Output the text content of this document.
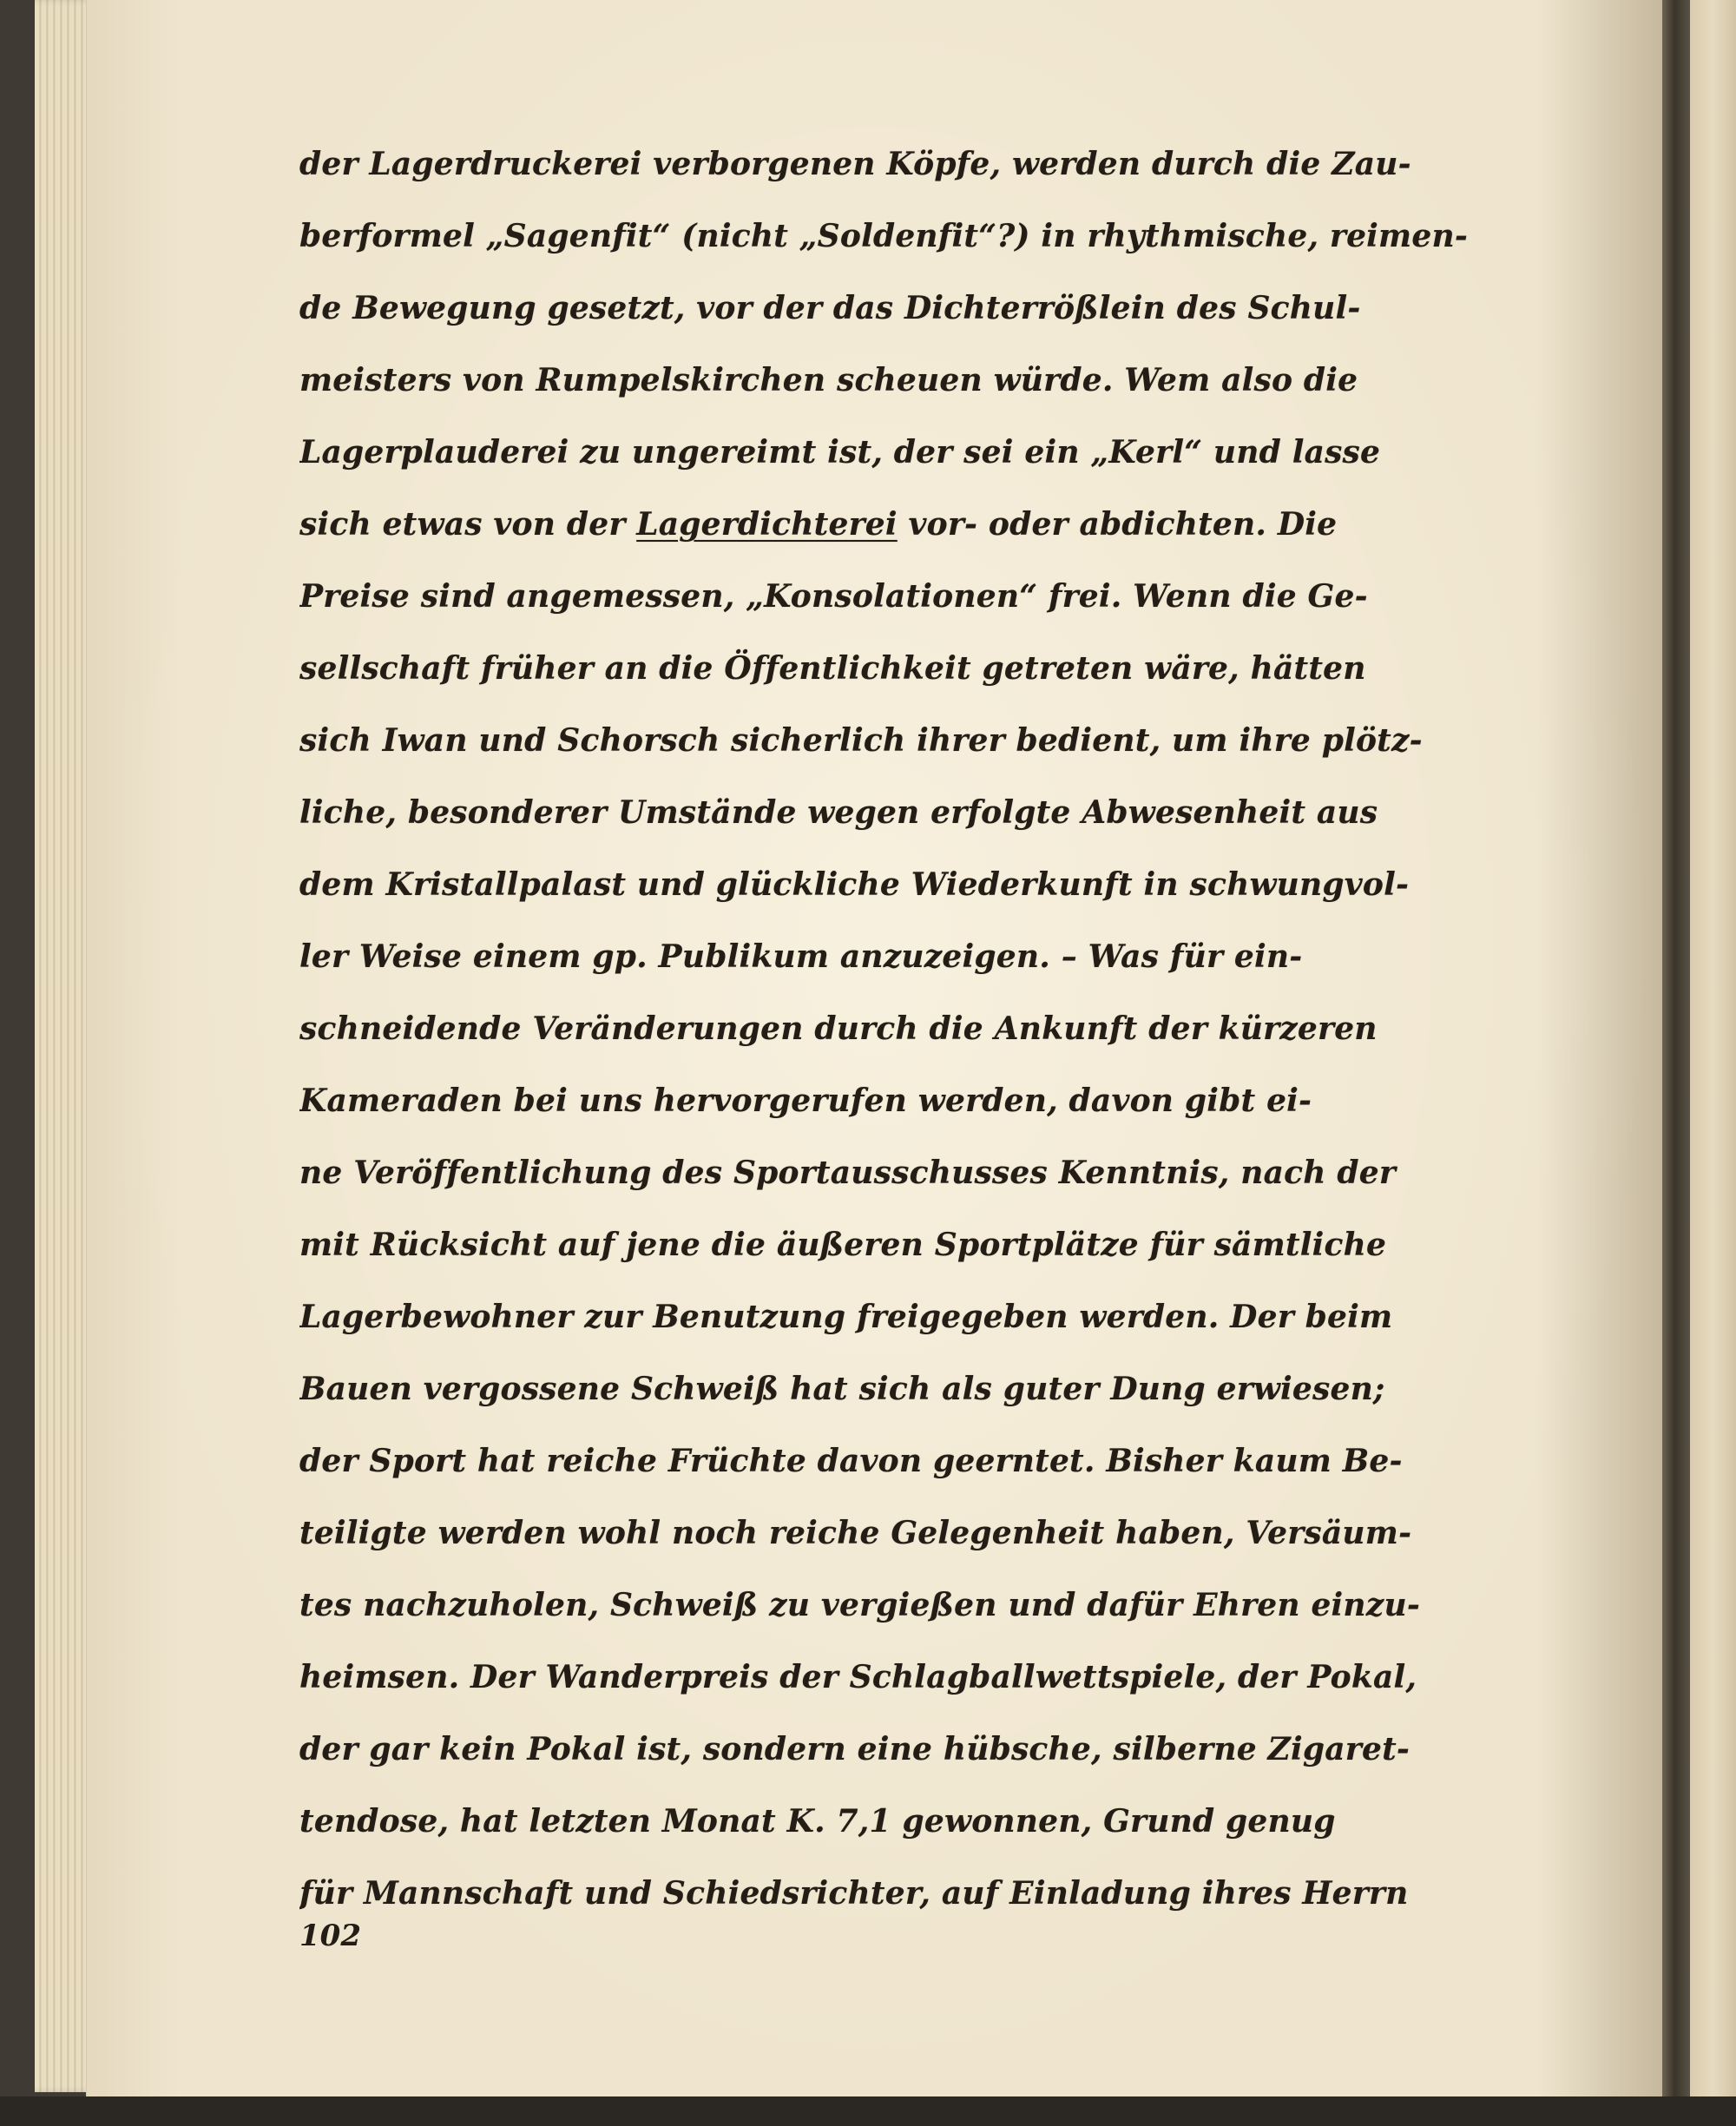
der Lagerdruckerei verborgenen Köpfe, werden durch die Zau-
berformel „Sagenfit“ (nicht „Soldenfit“?) in rhythmische, reimen-
de Bewegung gesetzt, vor der das Dichterrößlein des Schul-
meisters von Rumpelskirchen scheuen würde. Wem also die
Lagerplauderei zu ungereimt ist, der sei ein „Kerl“ und lasse
sich etwas von der Lagerdichterei vor- oder abdichten. Die
Preise sind angemessen, „Konsolationen“ frei. Wenn die Ge-
sellschaft früher an die Öffentlichkeit getreten wäre, hätten
sich Iwan und Schorsch sicherlich ihrer bedient, um ihre plötz-
liche, besonderer Umstände wegen erfolgte Abwesenheit aus
dem Kristallpalast und glückliche Wiederkunft in schwungvol-
ler Weise einem gp. Publikum anzuzeigen. – Was für ein-
schneidende Veränderungen durch die Ankunft der kürzeren
Kameraden bei uns hervorgerufen werden, davon gibt ei-
ne Veröffentlichung des Sportausschusses Kenntnis, nach der
mit Rücksicht auf jene die äußeren Sportplätze für sämtliche
Lagerbewohner zur Benutzung freigegeben werden. Der beim
Bauen vergossene Schweiß hat sich als guter Dung erwiesen;
der Sport hat reiche Früchte davon geerntet. Bisher kaum Be-
teiligte werden wohl noch reiche Gelegenheit haben, Versäum-
tes nachzuholen, Schweiß zu vergießen und dafür Ehren einzu-
heimsen. Der Wanderpreis der Schlagballwettspiele, der Pokal,
der gar kein Pokal ist, sondern eine hübsche, silberne Zigaret-
tendose, hat letzten Monat K. 7,1 gewonnen, Grund genug
für Mannschaft und Schiedsrichter, auf Einladung ihres Herrn
102
